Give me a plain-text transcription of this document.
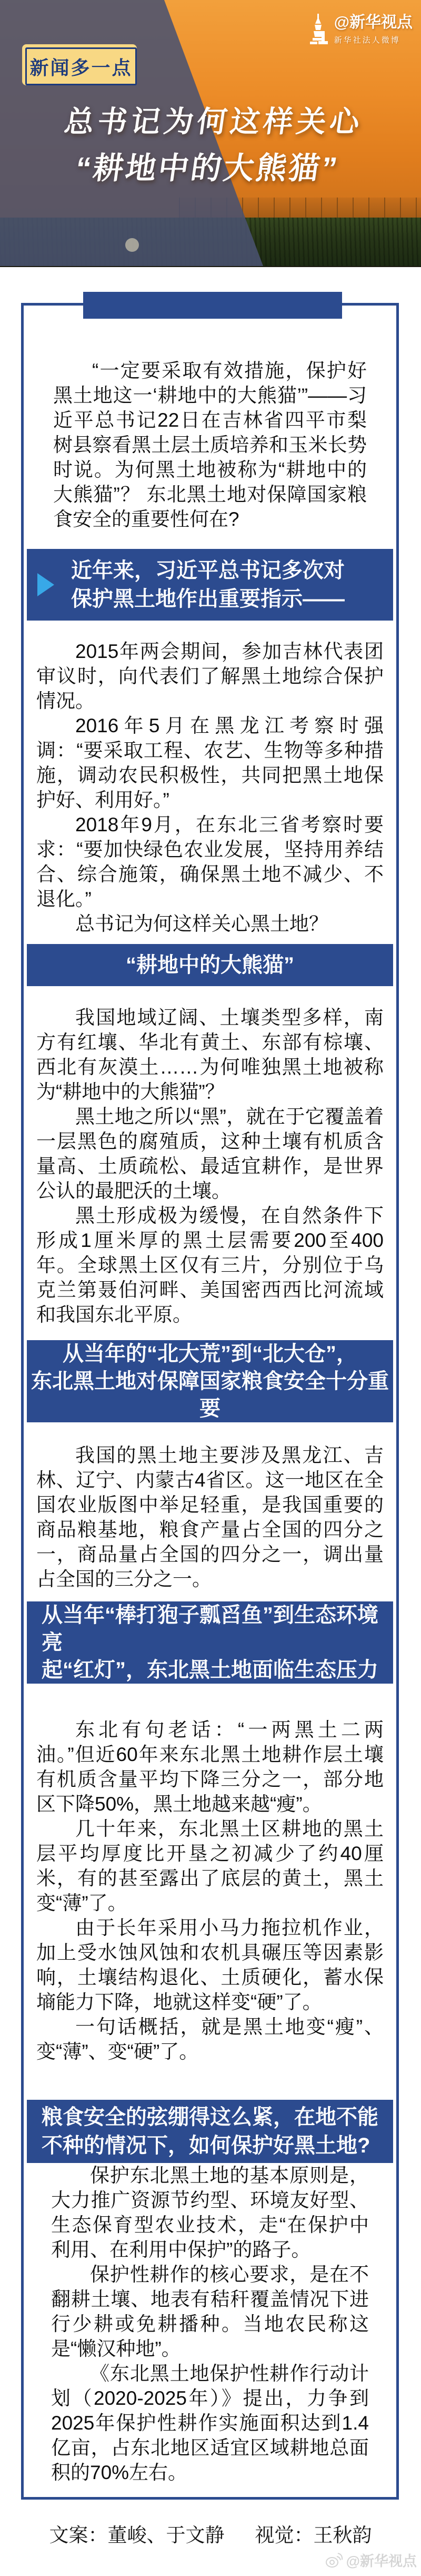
新闻多一点
@新华视点
新华社法人微博
总书记为何这样关心
“耕地中的大熊猫”

“一定要采取有效措施，保护好黑土地这一‘耕地中的大熊猫’”——习近平总书记22日在吉林省四平市梨树县察看黑土层土质培养和玉米长势时说。为何黑土地被称为“耕地中的大熊猫”？ 东北黑土地对保障国家粮食安全的重要性何在?

近年来，习近平总书记多次对
保护黑土地作出重要指示——

2015年两会期间，参加吉林代表团审议时，向代表们了解黑土地综合保护情况。

2016年5月在黑龙江考察时强调：“要采取工程、农艺、生物等多种措施，调动农民积极性，共同把黑土地保护好、利用好。”

2018年9月，在东北三省考察时要求：“要加快绿色农业发展，坚持用养结合、综合施策，确保黑土地不减少、不退化。”

总书记为何这样关心黑土地？

“耕地中的大熊猫”

我国地域辽阔、土壤类型多样，南方有红壤、华北有黄土、东部有棕壤、西北有灰漠土……为何唯独黑土地被称为“耕地中的大熊猫”？

黑土地之所以“黑”，就在于它覆盖着一层黑色的腐殖质，这种土壤有机质含量高、土质疏松、最适宜耕作，是世界公认的最肥沃的土壤。

黑土形成极为缓慢，在自然条件下形成1厘米厚的黑土层需要200至400年。全球黑土区仅有三片，分别位于乌克兰第聂伯河畔、美国密西西比河流域和我国东北平原。

从当年的“北大荒”到“北大仓”，
东北黑土地对保障国家粮食安全十分重要

我国的黑土地主要涉及黑龙江、吉林、辽宁、内蒙古4省区。这一地区在全国农业版图中举足轻重，是我国重要的商品粮基地，粮食产量占全国的四分之一，商品量占全国的四分之一，调出量占全国的三分之一。

从当年“棒打狍子瓢舀鱼”到生态环境亮
起“红灯”，东北黑土地面临生态压力

东北有句老话：“一两黑土二两油。”但近60年来东北黑土地耕作层土壤有机质含量平均下降三分之一，部分地区下降50%，黑土地越来越“瘦”。

几十年来，东北黑土区耕地的黑土层平均厚度比开垦之初减少了约40厘米，有的甚至露出了底层的黄土，黑土变“薄”了。

由于长年采用小马力拖拉机作业，加上受水蚀风蚀和农机具碾压等因素影响，土壤结构退化、土质硬化，蓄水保墒能力下降，地就这样变“硬”了。

一句话概括，就是黑土地变“瘦”、变“薄”、变“硬”了。

粮食安全的弦绷得这么紧，在地不能
不种的情况下，如何保护好黑土地?

保护东北黑土地的基本原则是，大力推广资源节约型、环境友好型、生态保育型农业技术，走“在保护中利用、在利用中保护”的路子。

保护性耕作的核心要求，是在不翻耕土壤、地表有秸秆覆盖情况下进行少耕或免耕播种。当地农民称这是“懒汉种地”。

《东北黑土地保护性耕作行动计划（2020-2025年）》提出，力争到2025年保护性耕作实施面积达到1.4亿亩，占东北地区适宜区域耕地总面积的70%左右。

文案：董峻、于文静 视觉：王秋韵
@新华视点
